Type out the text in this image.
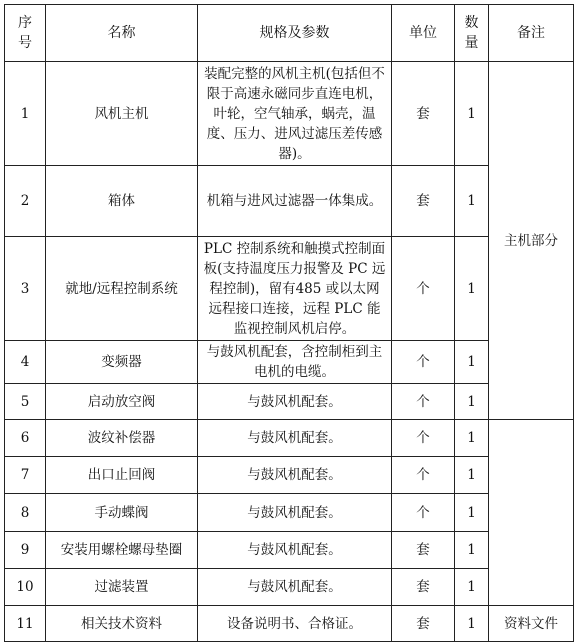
序号	名称	规格及参数	单位	数量	备注
1	风机主机	装配完整的风机主机(包括但不限于高速永磁同步直连电机，叶轮，空气轴承，蜗壳，温度、压力、进风过滤压差传感器)。	套	1	主机部分
2	箱体	机箱与进风过滤器一体集成。	套	1	
3	就地/远程控制系统	PLC 控制系统和触摸式控制面板(支持温度压力报警及 PC 远程控制)，留有485 或以太网 远程接口连接，远程 PLC 能监视控制风机启停。	个	1	
4	变频器	与鼓风机配套，含控制柜到主电机的电缆。	个	1	
5	启动放空阀	与鼓风机配套。	个	1	
6	波纹补偿器	与鼓风机配套。	个	1	
7	出口止回阀	与鼓风机配套。	个	1	
8	手动蝶阀	与鼓风机配套。	个	1	
9	安装用螺栓螺母垫圈	与鼓风机配套。	套	1	
10	过滤装置	与鼓风机配套。	套	1	
11	相关技术资料	设备说明书、合格证。	套	1	资料文件
